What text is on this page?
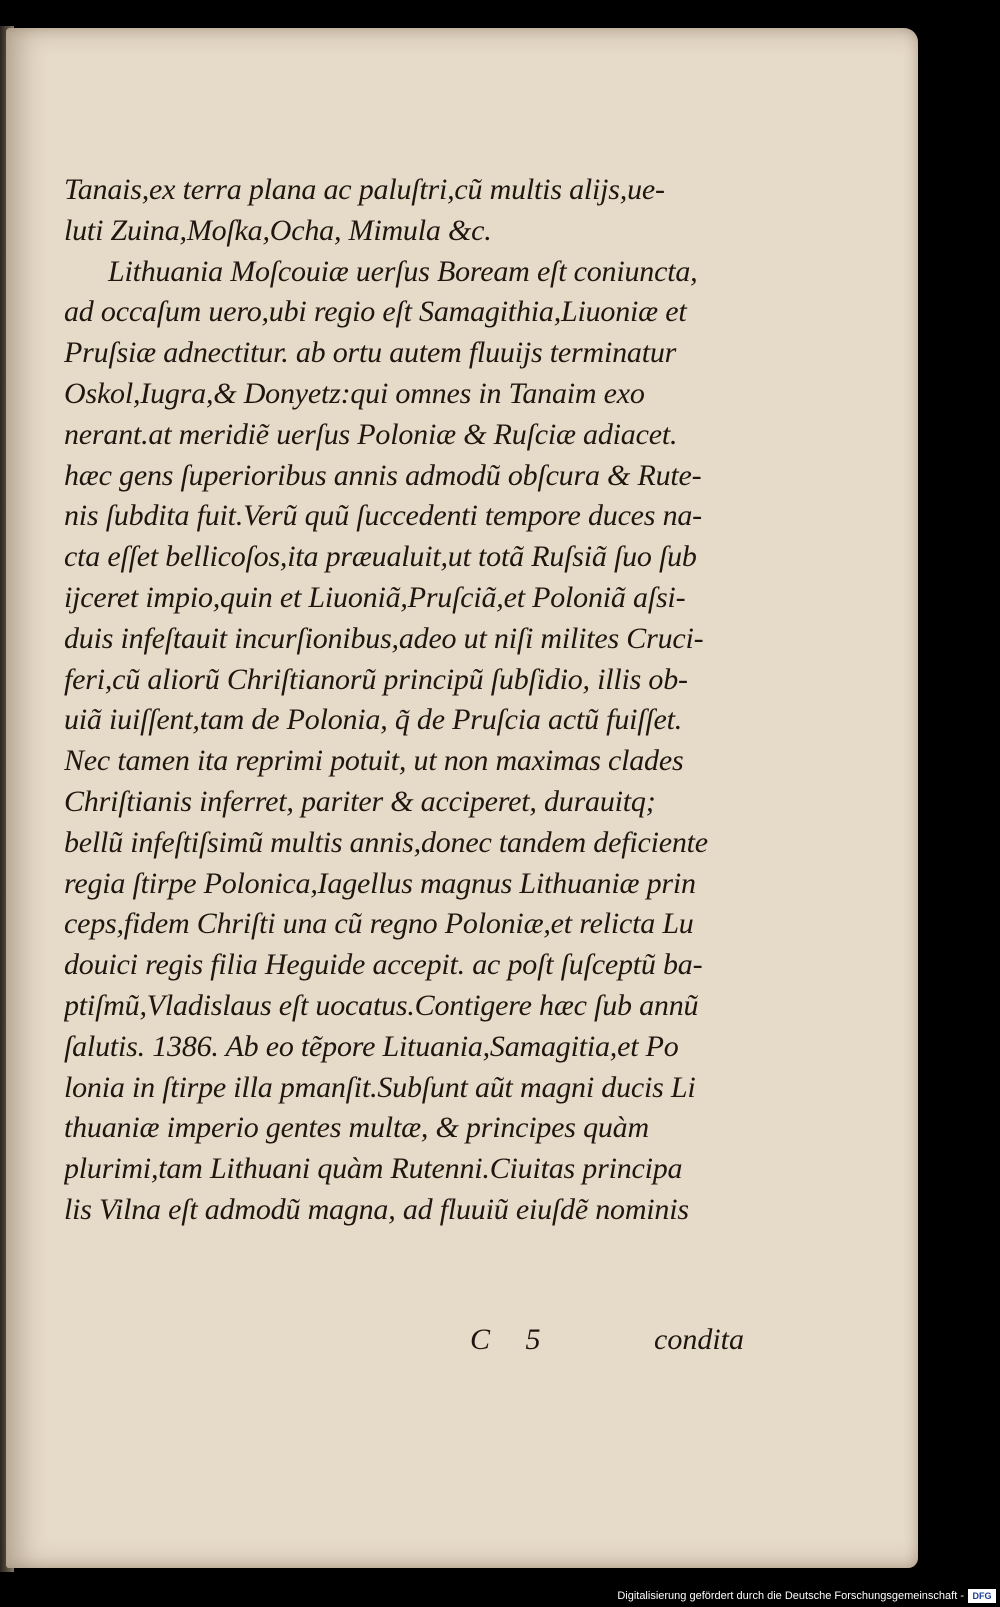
Tanais,ex terra plana ac paluſtri,cũ multis alijs,ue-
luti Zuina,Moſka,Ocha, Mimula &c.
Lithuania Moſcouiæ uerſus Boream eſt coniuncta,
ad occaſum uero,ubi regio eſt Samagithia,Liuoniæ et
Pruſsiæ adnectitur. ab ortu autem fluuijs terminatur
Oskol,Iugra,& Donyetz:qui omnes in Tanaim exo
nerant.at meridiẽ uerſus Poloniæ & Ruſciæ adiacet.
hæc gens ſuperioribus annis admodũ obſcura & Rute-
nis ſubdita fuit.Verũ quũ ſuccedenti tempore duces na-
cta eſſet bellicoſos,ita præualuit,ut totã Ruſsiã ſuo ſub
ijceret impio,quin et Liuoniã,Pruſciã,et Poloniã aſsi-
duis infeſtauit incurſionibus,adeo ut niſi milites Cruci-
feri,cũ aliorũ Chriſtianorũ principũ ſubſidio, illis ob-
uiã iuiſſent,tam de Polonia, q̃ de Pruſcia actũ fuiſſet.
Nec tamen ita reprimi potuit, ut non maximas clades
Chriſtianis inferret, pariter & acciperet, durauitq;
bellũ infeſtiſsimũ multis annis,donec tandem deficiente
regia ſtirpe Polonica,Iagellus magnus Lithuaniæ prin
ceps,fidem Chriſti una cũ regno Poloniæ,et relicta Lu
douici regis filia Heguide accepit. ac poſt ſuſceptũ ba-
ptiſmũ,Vladislaus eſt uocatus.Contigere hæc ſub annũ
ſalutis. 1386. Ab eo tẽpore Lituania,Samagitia,et Po
lonia in ſtirpe illa pmanſit.Subſunt aũt magni ducis Li
thuaniæ imperio gentes multæ, & principes quàm
plurimi,tam Lithuani quàm Rutenni.Ciuitas principa
lis Vilna eſt admodũ magna, ad fluuiũ eiuſdẽ nominis
C 5	condita
Digitalisierung gefördert durch die Deutsche Forschungsgemeinschaft - DFG
